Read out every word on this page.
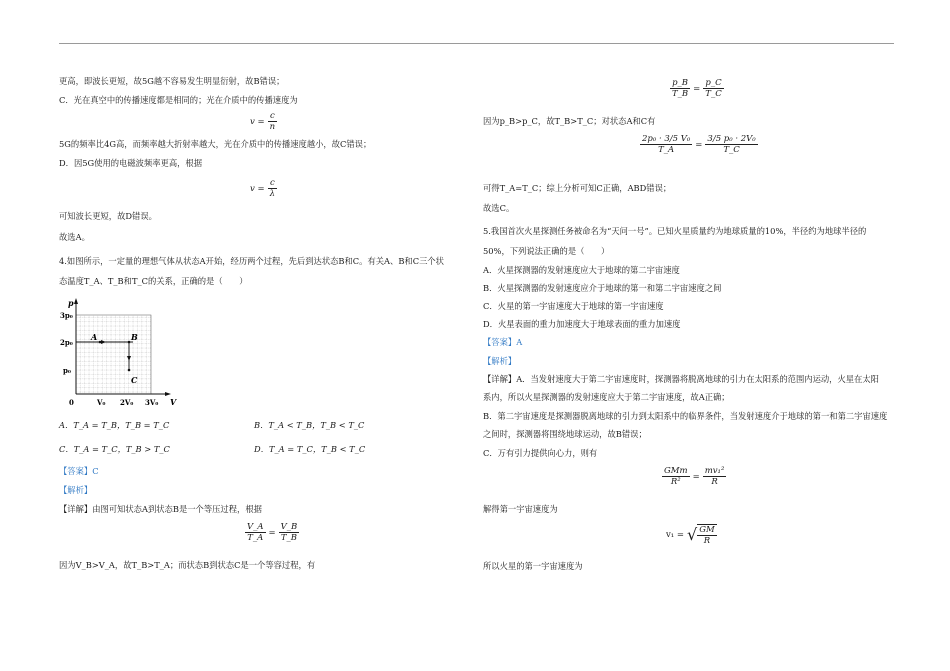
更高，即波长更短，故5G越不容易发生明显衍射，故B错误；
C．光在真空中的传播速度都是相同的；光在介质中的传播速度为
$v = \frac{c}{n}$
5G的频率比4G高，而频率越大折射率越大，光在介质中的传播速度越小，故C错误；
D．因5G使用的电磁波频率更高，根据
$v = \frac{c}{\lambda}$
可知波长更短，故D错误。
故选A。
4.如图所示，一定量的理想气体从状态A开始，经历两个过程，先后到达状态B和C。有关A、B和C三个状
态温度T_A、T_B和T_C的关系，正确的是（　　）
p
V
3p₀
2p₀
p₀
0	V₀ 2V₀ 3V₀
A	B
C
A．T_A = T_B，T_B = T_C	B．T_A < T_B，T_B < T_C
C．T_A = T_C，T_B > T_C	D．T_A = T_C，T_B < T_C
【答案】C
【解析】
【详解】由图可知状态A到状态B是一个等压过程，根据
$\frac{V\_A}{T\_A} = \frac{V\_B}{T\_B}$
因为V_B>V_A，故T_B>T_A；而状态B到状态C是一个等容过程，有
$\frac{p\_B}{T\_B} = \frac{p\_C}{T\_C}$
因为p_B>p_C，故T_B>T_C；对状态A和C有
$\frac{\text{2p₀ · 3/5 V₀}}{T\_A} = \frac{\text{3/5 p₀ · 2V₀}}{T\_C}$
可得T_A=T_C；综上分析可知C正确，ABD错误；
故选C。
5.我国首次火星探测任务被命名为“天问一号”。已知火星质量约为地球质量的10%，半径约为地球半径的
50%，下列说法正确的是（　　）
A．火星探测器的发射速度应大于地球的第二宇宙速度
B．火星探测器的发射速度应介于地球的第一和第二宇宙速度之间
C．火星的第一宇宙速度大于地球的第一宇宙速度
D．火星表面的重力加速度大于地球表面的重力加速度
【答案】A
【解析】
【详解】A．当发射速度大于第二宇宙速度时，探测器将脱离地球的引力在太阳系的范围内运动，火星在太阳
系内，所以火星探测器的发射速度应大于第二宇宙速度，故A正确；
B．第二宇宙速度是探测器脱离地球的引力到太阳系中的临界条件，当发射速度介于地球的第一和第二宇宙速度
之间时，探测器将围绕地球运动，故B错误；
C．万有引力提供向心力，则有
$\frac{\text{GMm}}{\text{R²}} = \frac{\text{mv₁²}}{R}$
解得第一宇宙速度为
v₁ = √ $\frac{GM}{R}$
所以火星的第一宇宙速度为
